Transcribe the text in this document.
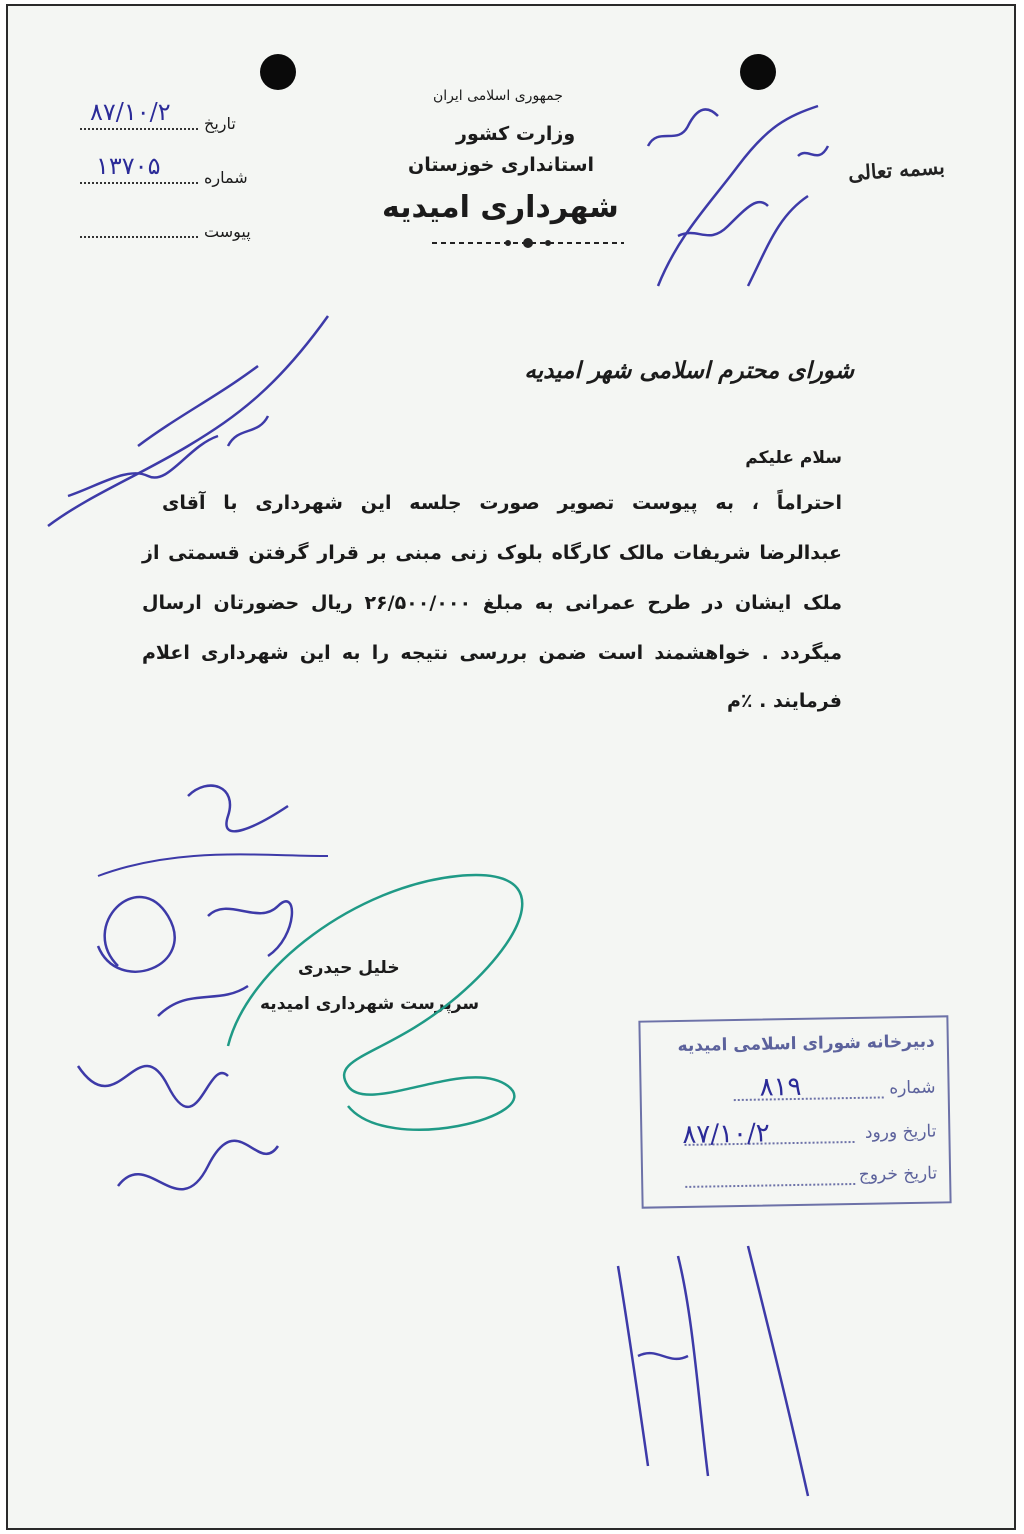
جمهوری اسلامی ایران
وزارت کشور
استانداری خوزستان
شهرداری امیدیه
بسمه تعالی
تاریخ
۸۷/۱۰/۲
شماره
۱۳۷۰۵
پیوست
شورای محترم اسلامی شهر امیدیه
سلام علیکم
احتراماً ، به پیوست تصویر صورت جلسه این شهرداری با آقای
عبدالرضا شریفات مالک کارگاه بلوک زنی مبنی بر قرار گرفتن قسمتی از
ملک ایشان در طرح عمرانی به مبلغ ۲۶/۵۰۰/۰۰۰ ریال حضورتان ارسال
میگردد . خواهشمند است ضمن بررسی نتیجه را به این شهرداری اعلام
فرمایند . ٪م
خلیل حیدری
سرپرست شهرداری امیدیه
دبیرخانه شورای اسلامی امیدیه
شماره
۸۱۹
تاریخ ورود
۸۷/۱۰/۲
تاریخ خروج
